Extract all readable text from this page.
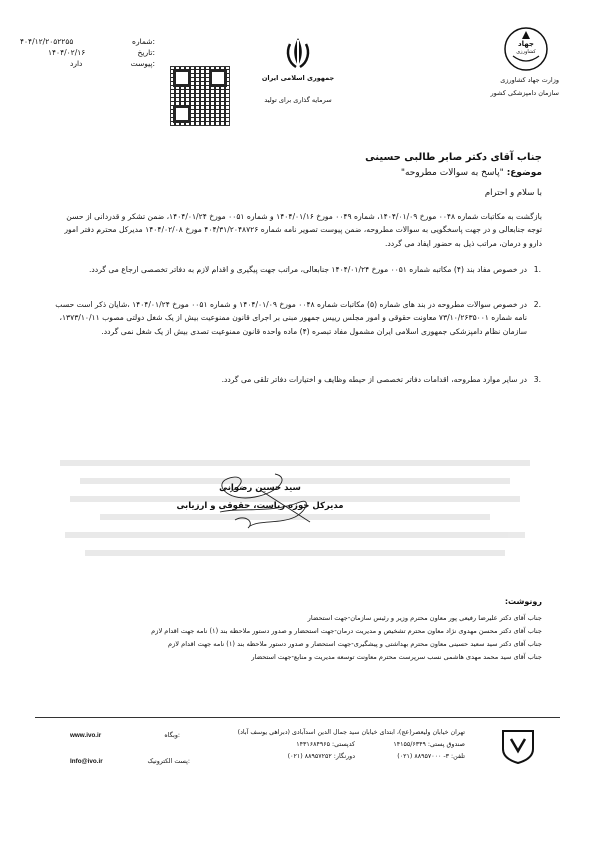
:شماره
۴۰۴/۱۲/۲۰۵۲۲۵۵
:تاریخ
۱۴۰۴/۰۲/۱۶
:پیوست
دارد
جمهوری اسلامی ایران
سرمایه گذاری برای تولید
جهاد
کشاورزی
وزارت جهاد کشاورزی
سازمان دامپزشکی کشور
جناب آقای دکتر صابر طالبی حسینی
موضوع: "پاسخ به سوالات مطروحه"
با سلام و احترام
بازگشت به مکاتبات شماره ۰۰۴۸ مورخ ۱۴۰۴/۰۱/۰۹، شماره ۰۰۴۹ مورخ ۱۴۰۴/۰۱/۱۶ و شماره ۰۰۵۱ مورخ ۱۴۰۴/۰۱/۲۴، ضمن تشکر و قدردانی از حسن توجه جنابعالی و در جهت پاسخگویی به سوالات مطروحه، ضمن پیوست تصویر نامه شماره ۴۰۴/۳۱/۲۰۴۸۷۲۶ مورخ ۱۴۰۴/۰۲/۰۸ مدیرکل محترم دفتر امور دارو و درمان، مراتب ذیل به حضور ایفاد می گردد.
.1
در خصوص مفاد بند (۴) مکاتبه شماره ۰۰۵۱ مورخ ۱۴۰۴/۰۱/۲۴ جنابعالی، مراتب جهت پیگیری و اقدام لازم به دفاتر تخصصی ارجاع می گردد.
.2
در خصوص سوالات مطروحه در بند های شماره (۵) مکاتبات شماره ۰۰۴۸ مورخ ۱۴۰۴/۰۱/۰۹ و شماره ۰۰۵۱ مورخ ۱۴۰۴/۰۱/۲۴ ،شایان ذکر است حسب نامه شماره ۷۳/۱۰/۲۶۳۵۰۰۱ معاونت حقوقی و امور مجلس رییس جمهور مبنی بر اجرای قانون ممنوعیت بیش از یک شغل دولتی مصوب ۱۳۷۳/۱۰/۱۱، سازمان نظام دامپزشکی جمهوری اسلامی ایران مشمول مفاد تبصره (۴) ماده واحده قانون ممنوعیت تصدی بیش از یک شغل نمی گردد.
.3
در سایر موارد مطروحه، اقدامات دفاتر تخصصی از حیطه وظایف و اختیارات دفاتر تلقی می گردد.
سید حسین رضوانی
مدیرکل حوزه ریاست، حقوقی و ارزیابی
رونوشت:
جناب آقای دکتر علیرضا رفیعی پور معاون محترم وزیر و رئیس سازمان-جهت استحضار
جناب آقای دکتر محسن مهدوی نژاد معاون محترم تشخیص و مدیریت درمان-جهت استحضار و صدور دستور ملاحظه بند (۱) نامه جهت اقدام لازم
جناب آقای دکتر سید سعید حسینی معاون محترم بهداشتی و پیشگیری-جهت استحضار و صدور دستور ملاحظه بند (۱) نامه جهت اقدام لازم
جناب آقای سید محمد مهدی هاشمی نسب سرپرست محترم معاونت توسعه مدیریت و منابع-جهت استحضار
تهران خیابان ولیعصر(عج)، ابتدای خیابان سید جمال الدین اسدآبادی (دبراهی یوسف آباد)
صندوق پستی: ۱۴۱۵۵/۶۳۴۹
کدپستی: ۱۴۳۱۶۸۴۹۶۵
تلفن: ۳- ۸۸۹۵۷۰۰۰ (۰۲۱)
دورنگار: ۸۸۹۵۷۲۵۲ (۰۲۱)
www.ivo.ir	وبگاه:
Info@ivo.ir	پست الکترونیک:
